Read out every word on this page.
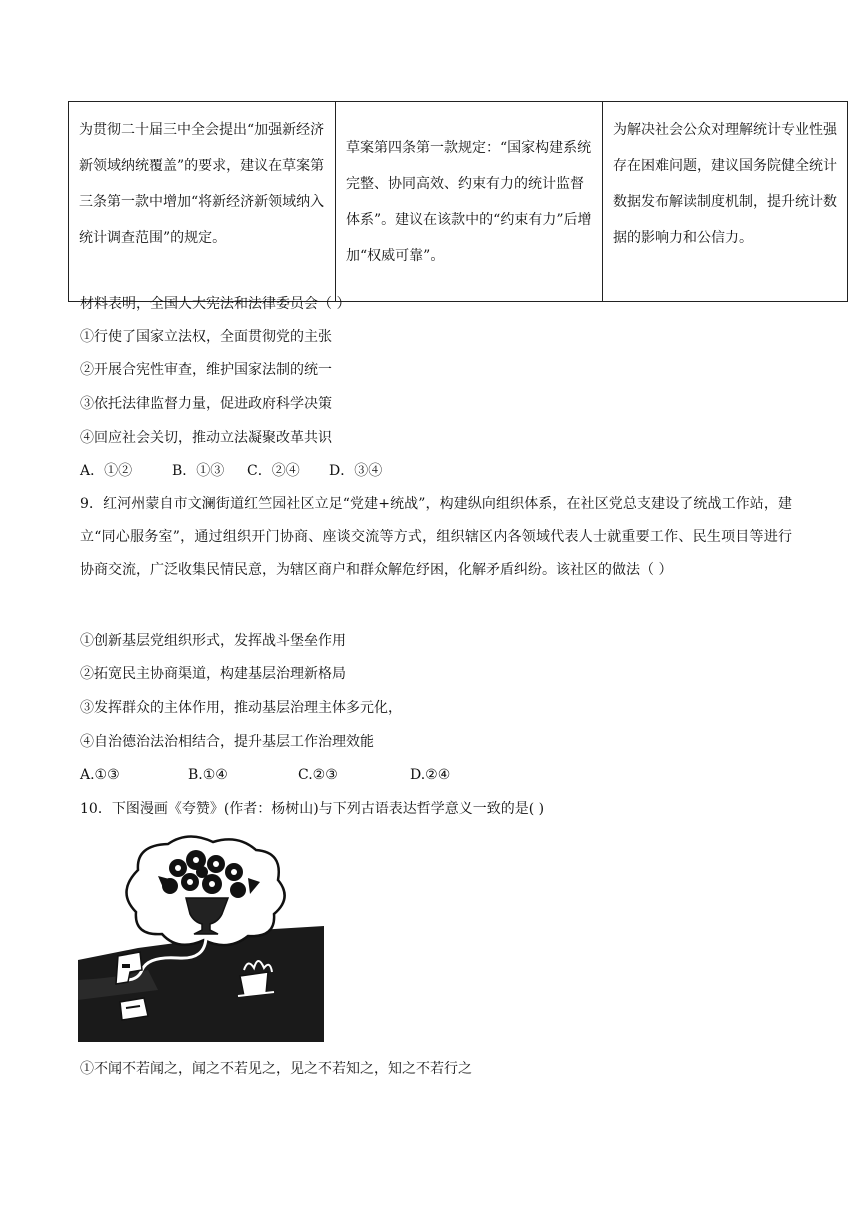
为贯彻二十届三中全会提出“加强新经济新领域纳统覆盖”的要求，建议在草案第三条第一款中增加“将新经济新领域纳入统计调查范围”的规定。	草案第四条第一款规定：“国家构建系统完整、协同高效、约束有力的统计监督体系”。建议在该款中的“约束有力”后增加“权威可靠”。	为解决社会公众对理解统计专业性强存在困难问题，建议国务院健全统计数据发布解读制度机制，提升统计数据的影响力和公信力。
材料表明，全国人大宪法和法律委员会（ ）
①行使了国家立法权，全面贯彻党的主张
②开展合宪性审查，维护国家法制的统一
③依托法律监督力量，促进政府科学决策
④回应社会关切，推动立法凝聚改革共识
A．①②	B．①③ C．②④ D．③④
9．红河州蒙自市文澜街道红竺园社区立足“党建+统战”，构建纵向组织体系，在社区党总支建设了统战工作站，建立“同心服务室”，通过组织开门协商、座谈交流等方式，组织辖区内各领域代表人士就重要工作、民生项目等进行协商交流，广泛收集民情民意，为辖区商户和群众解危纾困，化解矛盾纠纷。该社区的做法（ ）
①创新基层党组织形式，发挥战斗堡垒作用
②拓宽民主协商渠道，构建基层治理新格局
③发挥群众的主体作用，推动基层治理主体多元化，
④自治德治法治相结合，提升基层工作治理效能
A.①③	B.①④	C.②③	D.②④
10．下图漫画《夸赞》(作者：杨树山)与下列古语表达哲学意义一致的是( )
①不闻不若闻之，闻之不若见之，见之不若知之，知之不若行之
